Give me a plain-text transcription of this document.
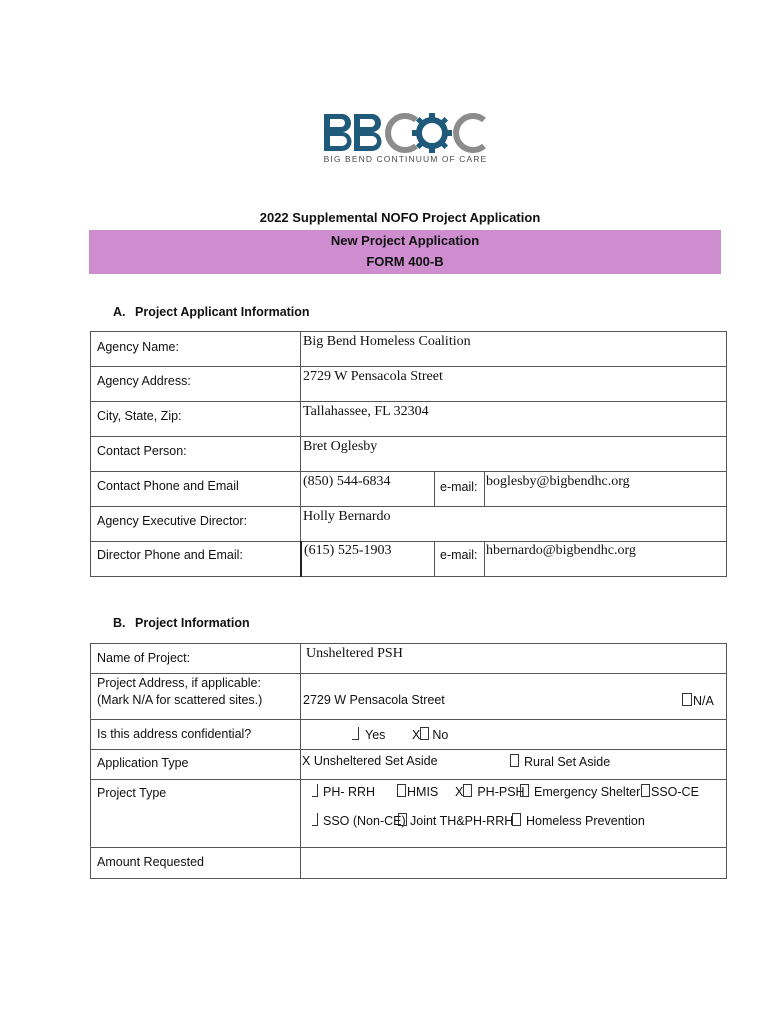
BIG BEND CONTINUUM OF CARE
2022 Supplemental NOFO Project Application
New Project Application
FORM 400-B
A. Project Applicant Information
Agency Name:	Big Bend Homeless Coalition
Agency Address:	2729 W Pensacola Street
City, State, Zip:	Tallahassee, FL 32304
Contact Person:	Bret Oglesby
Contact Phone and Email	(850) 544-6834	e-mail: boglesby@bigbendhc.org
Agency Executive Director:	Holly Bernardo
Director Phone and Email:	(615) 525-1903	e-mail: hbernardo@bigbendhc.org
B. Project Information
Name of Project:	Unsheltered PSH
Project Address, if applicable:
(Mark N/A for scattered sites.)	2729 W Pensacola Street	N/A
Is this address confidential?	Yes X No
Application Type	X Unsheltered Set Aside	Rural Set Aside
Project Type	PH- RRH	HMIS X PH-PSH Emergency Shelter SSO-CE
SSO (Non-CE) Joint TH&PH-RRH	Homeless Prevention
Amount Requested
